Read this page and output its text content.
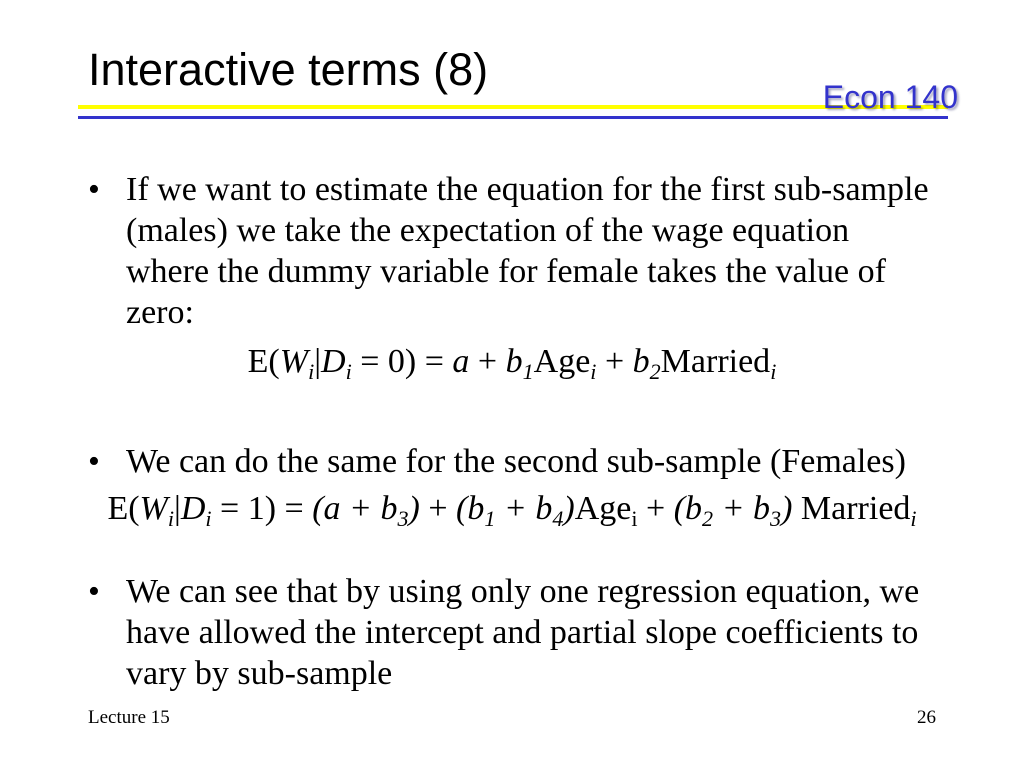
Interactive terms (8)
Econ 140
• If we want to estimate the equation for the first sub-sample
(males) we take the expectation of the wage equation
where the dummy variable for female takes the value of
zero:
E(Wi|Di = 0) = a + b1Agei + b2Marriedi
• We can do the same for the second sub-sample (Females)
E(Wi|Di = 1) = (a + b3) + (b1 + b4)Agei + (b2 + b3) Marriedi
• We can see that by using only one regression equation, we
have allowed the intercept and partial slope coefficients to
vary by sub-sample
Lecture 15	26
